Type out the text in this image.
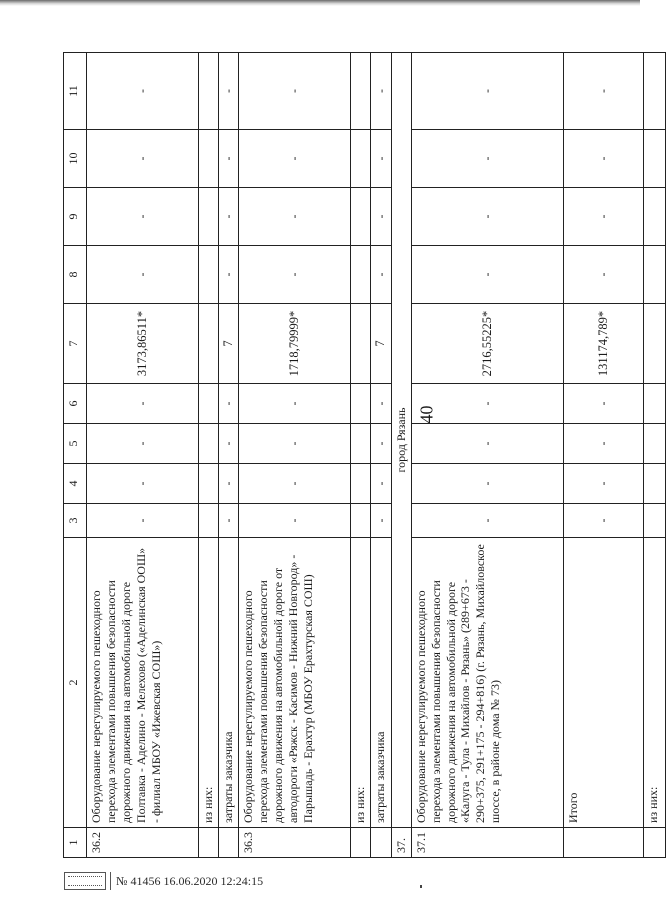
40
1	2	3	4	5	6	7	8	9	10	11
36.2	Оборудование нерегулируемого пешеходного перехода элементами повышения безопасности дорожного движения на автомобильной дороге Полтавка - Аделино - Мелехово («Аделинская ООШ» - филиал МБОУ «Ижевская СОШ»)	-	-	-	-	3173,86511*	-	-	-	-
	из них:									
	затраты заказчика	-	-	-	-	7	-	-	-	-
36.3	Оборудование нерегулируемого пешеходного перехода элементами повышения безопасности дорожного движения на автомобильной дороге от автодороги «Ряжск - Касимов - Нижний Новгород» - Парышадь - Ерахтур (МБОУ Ерахтурская СОШ)	-	-	-	-	1718,79999*	-	-	-	-
	из них:									
	затраты заказчика	-	-	-	-	7	-	-	-	-
37.	город Рязань									
37.1	Оборудование нерегулируемого пешеходного перехода элементами повышения безопасности дорожного движения на автомобильной дороге «Калуга - Тула - Михайлов - Рязань» (289+673 - 290+375, 291+175 - 294+816) (г. Рязань, Михайловское шоссе, в районе дома № 73)	-	-	-	-	2716,55225*	-	-	-	-
	Итого	-	-	-	-	131174,789*	-	-	-	-
	из них:									
№ 41456 16.06.2020 12:24:15
